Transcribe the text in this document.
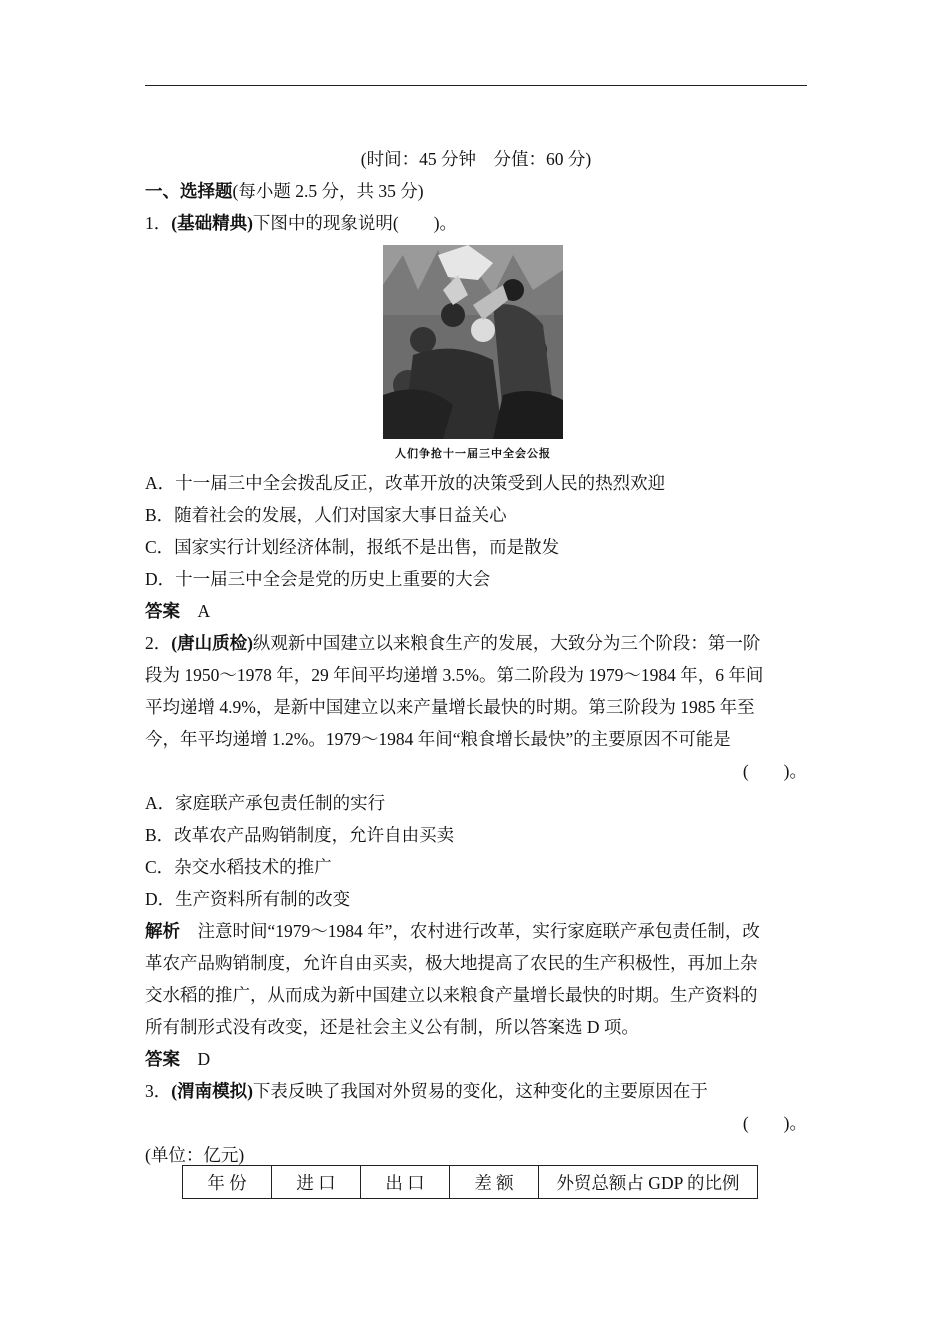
(时间：45 分钟　分值：60 分)
一、选择题(每小题 2.5 分，共 35 分)
1．(基础精典)下图中的现象说明(　　)。
A．十一届三中全会拨乱反正，改革开放的决策受到人民的热烈欢迎
B．随着社会的发展，人们对国家大事日益关心
C．国家实行计划经济体制，报纸不是出售，而是散发
D．十一届三中全会是党的历史上重要的大会
答案　 A
2．(唐山质检)纵观新中国建立以来粮食生产的发展，大致分为三个阶段：第一阶
段为 1950～1978 年，29 年间平均递增 3.5%。第二阶段为 1979～1984 年，6 年间
平均递增 4.9%，是新中国建立以来产量增长最快的时期。第三阶段为 1985 年至
今，年平均递增 1.2%。1979～1984 年间“粮食增长最快”的主要原因不可能是
(　　)。
A．家庭联产承包责任制的实行
B．改革农产品购销制度，允许自由买卖
C．杂交水稻技术的推广
D．生产资料所有制的改变
解析　 注意时间“1979～1984 年”，农村进行改革，实行家庭联产承包责任制，改
革农产品购销制度，允许自由买卖，极大地提高了农民的生产积极性，再加上杂
交水稻的推广，从而成为新中国建立以来粮食产量增长最快的时期。生产资料的
所有制形式没有改变，还是社会主义公有制，所以答案选 D 项。
答案　 D
3．(渭南模拟)下表反映了我国对外贸易的变化，这种变化的主要原因在于
(　　)。
(单位：亿元)
人们争抢十一届三中全会公报
年 份	进 口	出 口	差 额	外贸总额占 GDP 的比例
